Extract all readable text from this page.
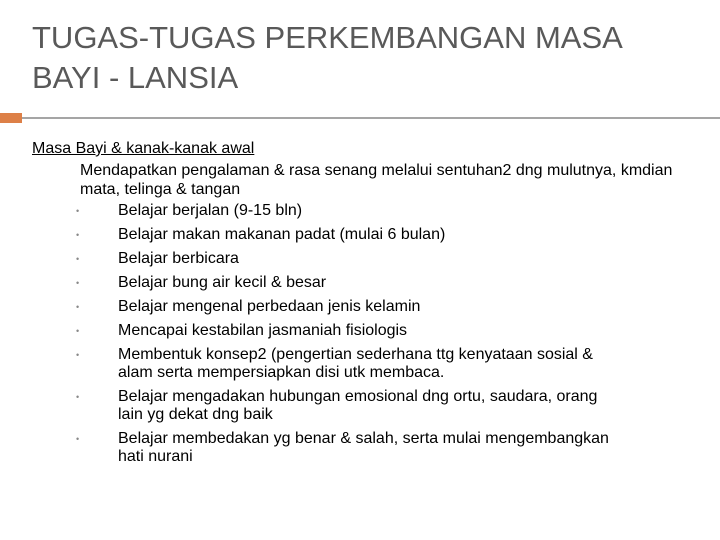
TUGAS-TUGAS PERKEMBANGAN MASA BAYI - LANSIA
Masa Bayi & kanak-kanak awal
Mendapatkan pengalaman & rasa senang melalui sentuhan2 dng mulutnya, kmdian mata, telinga & tangan
• Belajar berjalan (9-15 bln)
• Belajar makan makanan padat (mulai 6 bulan)
• Belajar berbicara
• Belajar bung air kecil & besar
• Belajar mengenal perbedaan jenis kelamin
• Mencapai kestabilan jasmaniah fisiologis
• Membentuk konsep2 (pengertian sederhana ttg kenyataan sosial & alam serta mempersiapkan disi utk membaca.
• Belajar mengadakan hubungan emosional dng ortu, saudara, orang lain yg dekat dng baik
• Belajar membedakan yg benar & salah, serta mulai mengembangkan hati nurani
